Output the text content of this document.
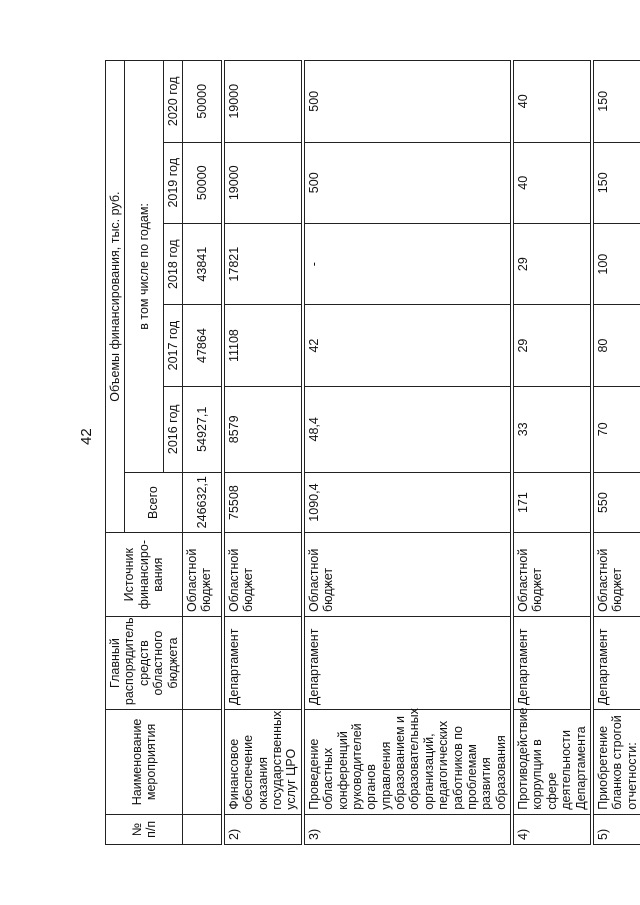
42
№ п/п	Наименование мероприятия	Главный распорядитель средств областного бюджета	Источник финансиро-вания	Объемы финансирования, тыс. руб.					
				Всего	в том числе по годам:				
					2016 год	2017 год	2018 год	2019 год	2020 год
			Областной бюджет	246632,1	54927,1	47864	43841	50000	50000

2)	Финансовое обеспечение оказания государственных услуг ЦРО	Департамент	Областной бюджет	75508	8579	11108	17821	19000	19000

3)	Проведение областных конференций руководителей органов управления образованием и образовательных организаций, педагогических работников по проблемам развития образования	Департамент	Областной бюджет	1090,4	48,4	42	-	500	500

4)	Противодействие коррупции в сфере деятельности Департамента	Департамент	Областной бюджет	171	33	29	29	40	40

5)	Приобретение бланков строгой отчетности:	Департамент	Областной бюджет	550	70	80	100	150	150
